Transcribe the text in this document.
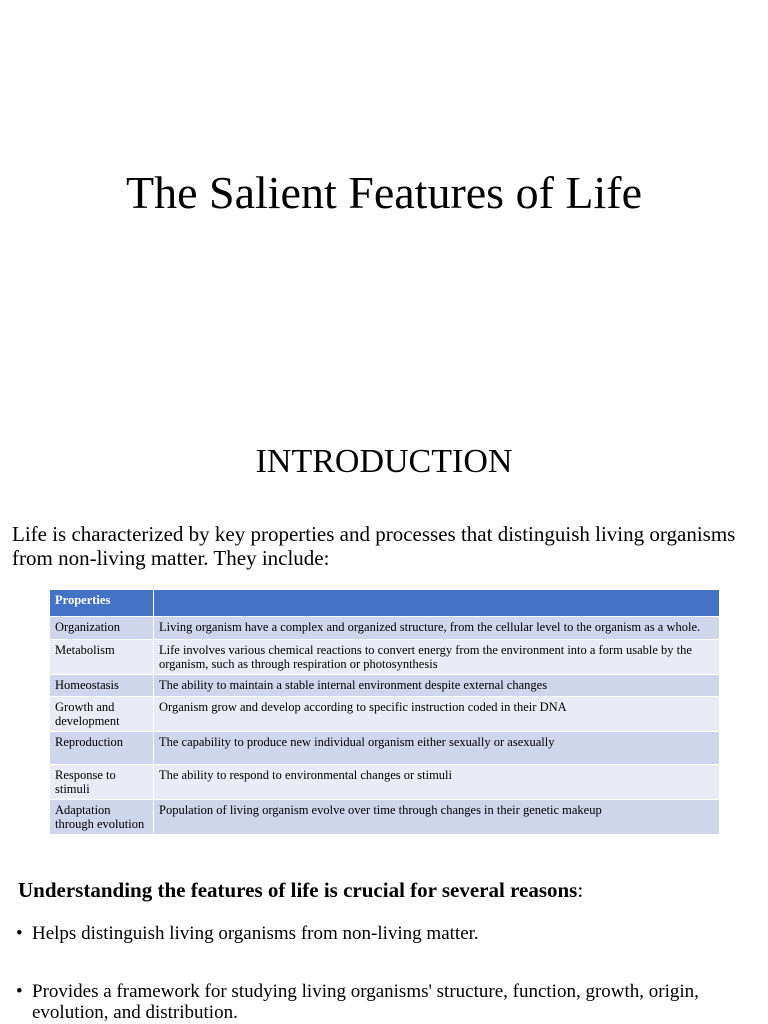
The Salient Features of Life
INTRODUCTION
Life is characterized by key properties and processes that distinguish living organisms from non-living matter. They include:
Properties	
Organization	Living organism have a complex and organized structure, from the cellular level to the organism as a whole.
Metabolism	Life involves various chemical reactions to convert energy from the environment into a form usable by the organism, such as through respiration or photosynthesis
Homeostasis	The ability to maintain a stable internal environment despite external changes
Growth and development	Organism grow and develop according to specific instruction coded in their DNA
Reproduction	The capability to produce new individual organism either sexually or asexually
Response to stimuli	The ability to respond to environmental changes or stimuli
Adaptation through evolution	Population of living organism evolve over time through changes in their genetic makeup
Understanding the features of life is crucial for several reasons:
• Helps distinguish living organisms from non-living matter.
• Provides a framework for studying living organisms' structure, function, growth, origin, evolution, and distribution.
